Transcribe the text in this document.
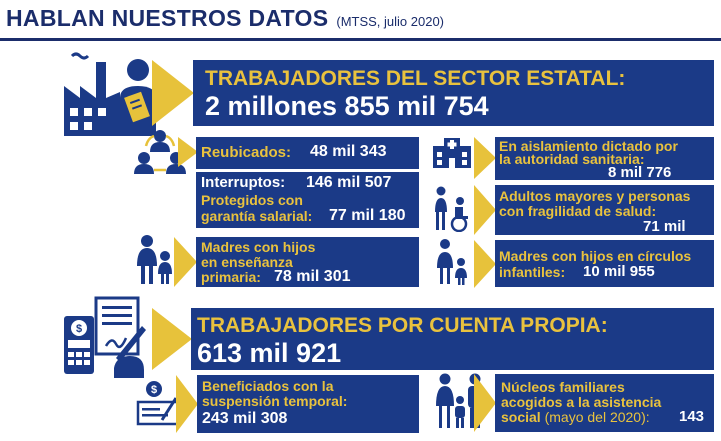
HABLAN NUESTROS DATOS (MTSS, julio 2020)
TRABAJADORES DEL SECTOR ESTATAL:
2 millones 855 mil 754
Reubicados: 48 mil 343
Interruptos: 146 mil 507
Protegidos con
garantía salarial: 77 mil 180
Madres con hijos
en enseñanza
primaria: 78 mil 301
En aislamiento dictado por
la autoridad sanitaria:
8 mil 776
Adultos mayores y personas
con fragilidad de salud:
71 mil
Madres con hijos en círculos
infantiles: 10 mil 955
$	TRABAJADORES POR CUENTA PROPIA:
613 mil 921
$	Beneficiados con la
suspensión temporal:
243 mil 308
Núcleos familiares
acogidos a la asistencia
social (mayo del 2020): 143
